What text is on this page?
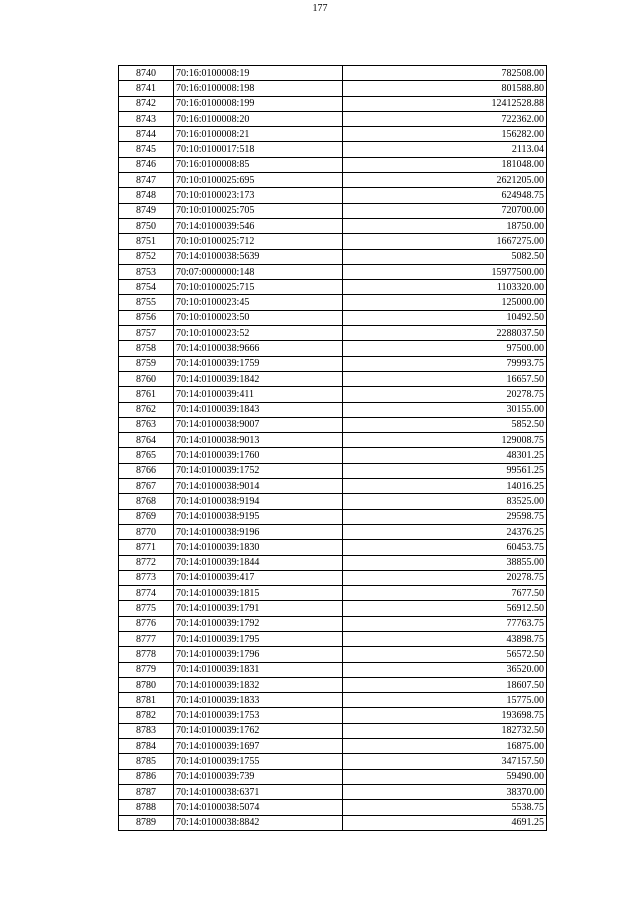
177
8740	70:16:0100008:19	782508.00
8741	70:16:0100008:198	801588.80
8742	70:16:0100008:199	12412528.88
8743	70:16:0100008:20	722362.00
8744	70:16:0100008:21	156282.00
8745	70:10:0100017:518	2113.04
8746	70:16:0100008:85	181048.00
8747	70:10:0100025:695	2621205.00
8748	70:10:0100023:173	624948.75
8749	70:10:0100025:705	720700.00
8750	70:14:0100039:546	18750.00
8751	70:10:0100025:712	1667275.00
8752	70:14:0100038:5639	5082.50
8753	70:07:0000000:148	15977500.00
8754	70:10:0100025:715	1103320.00
8755	70:10:0100023:45	125000.00
8756	70:10:0100023:50	10492.50
8757	70:10:0100023:52	2288037.50
8758	70:14:0100038:9666	97500.00
8759	70:14:0100039:1759	79993.75
8760	70:14:0100039:1842	16657.50
8761	70:14:0100039:411	20278.75
8762	70:14:0100039:1843	30155.00
8763	70:14:0100038:9007	5852.50
8764	70:14:0100038:9013	129008.75
8765	70:14:0100039:1760	48301.25
8766	70:14:0100039:1752	99561.25
8767	70:14:0100038:9014	14016.25
8768	70:14:0100038:9194	83525.00
8769	70:14:0100038:9195	29598.75
8770	70:14:0100038:9196	24376.25
8771	70:14:0100039:1830	60453.75
8772	70:14:0100039:1844	38855.00
8773	70:14:0100039:417	20278.75
8774	70:14:0100039:1815	7677.50
8775	70:14:0100039:1791	56912.50
8776	70:14:0100039:1792	77763.75
8777	70:14:0100039:1795	43898.75
8778	70:14:0100039:1796	56572.50
8779	70:14:0100039:1831	36520.00
8780	70:14:0100039:1832	18607.50
8781	70:14:0100039:1833	15775.00
8782	70:14:0100039:1753	193698.75
8783	70:14:0100039:1762	182732.50
8784	70:14:0100039:1697	16875.00
8785	70:14:0100039:1755	347157.50
8786	70:14:0100039:739	59490.00
8787	70:14:0100038:6371	38370.00
8788	70:14:0100038:5074	5538.75
8789	70:14:0100038:8842	4691.25
